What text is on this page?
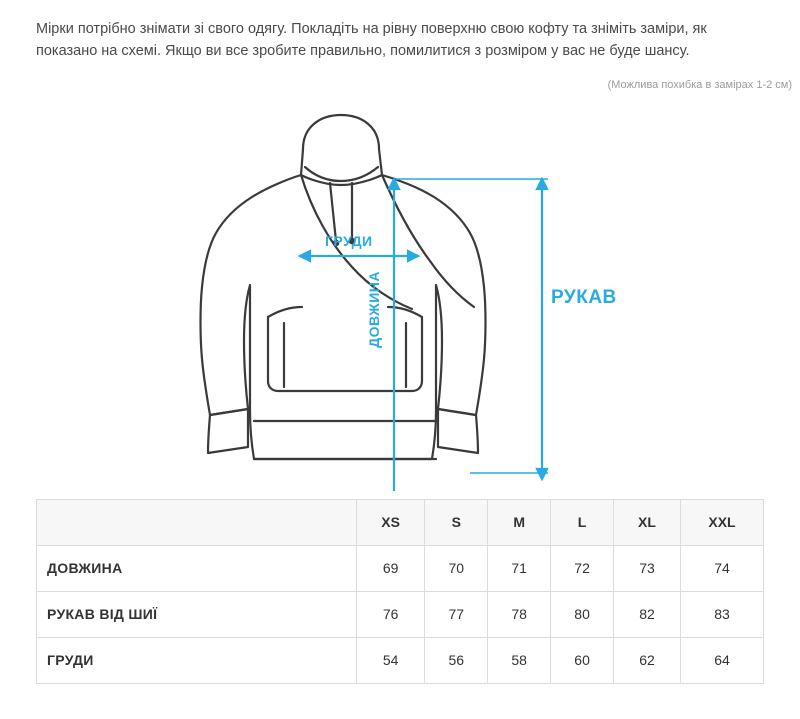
Мірки потрібно знімати зі свого одягу. Покладіть на рівну поверхню свою кофту та зніміть заміри, як показано на схемі. Якщо ви все зробите правильно, помилитися з розміром у вас не буде шансу.
(Можлива похибка в замірах 1-2 см)
ГРУДИ
ДОВЖИНА	РУКАВ
	XS	S	M	L	XL	XXL
ДОВЖИНА	69	70	71	72	73	74
РУКАВ ВІД ШИЇ	76	77	78	80	82	83
ГРУДИ	54	56	58	60	62	64
